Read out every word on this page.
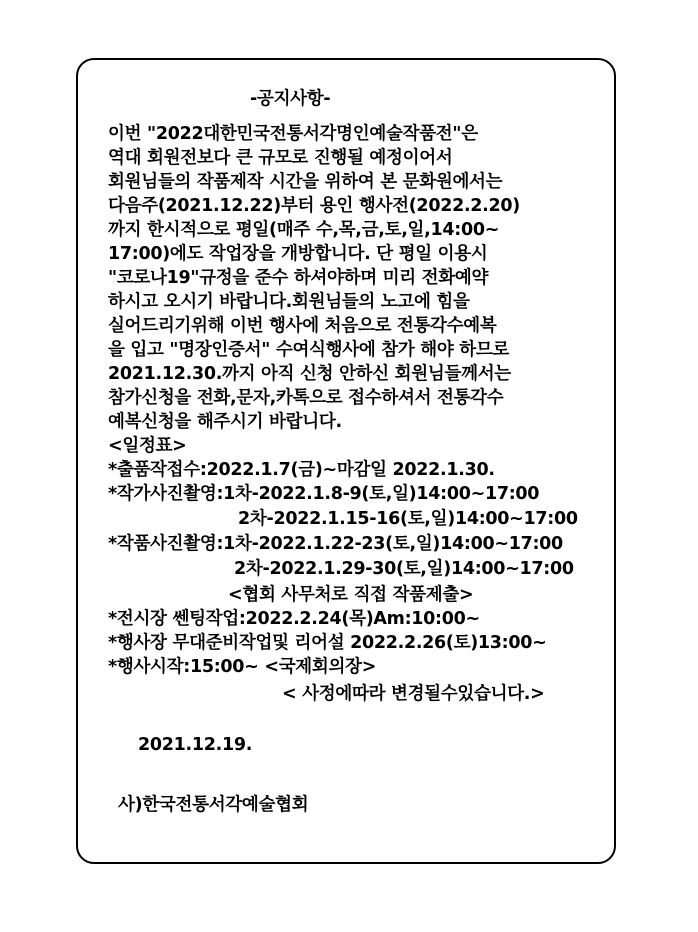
-공지사항-
이번 "2022대한민국전통서각명인예술작품전"은
역대 회원전보다 큰 규모로 진행될 예정이어서
회원님들의 작품제작 시간을 위하여 본 문화원에서는
다음주(2021.12.22)부터 용인 행사전(2022.2.20)
까지 한시적으로 평일(매주 수,목,금,토,일,14:00~
17:00)에도 작업장을 개방합니다. 단 평일 이용시
"코로나19"규정을 준수 하셔야하며 미리 전화예약
하시고 오시기 바랍니다.회원님들의 노고에 힘을
실어드리기위해 이번 행사에 처음으로 전통각수예복
을 입고 "명장인증서" 수여식행사에 참가 해야 하므로
2021.12.30.까지 아직 신청 안하신 회원님들께서는
참가신청을 전화,문자,카톡으로 접수하셔서 전통각수
예복신청을 해주시기 바랍니다.
<일정표>
*출품작접수:2022.1.7(금)~마감일 2022.1.30.
*작가사진촬영:1차-2022.1.8-9(토,일)14:00~17:00
2차-2022.1.15-16(토,일)14:00~17:00
*작품사진촬영:1차-2022.1.22-23(토,일)14:00~17:00
2차-2022.1.29-30(토,일)14:00~17:00
<협회 사무처로 직접 작품제출>
*전시장 쎈팅작업:2022.2.24(목)Am:10:00~
*행사장 무대준비작업및 리어설 2022.2.26(토)13:00~
*행사시작:15:00~ <국제회의장>
< 사정에따라 변경될수있습니다.>
2021.12.19.
사)한국전통서각예술협회
